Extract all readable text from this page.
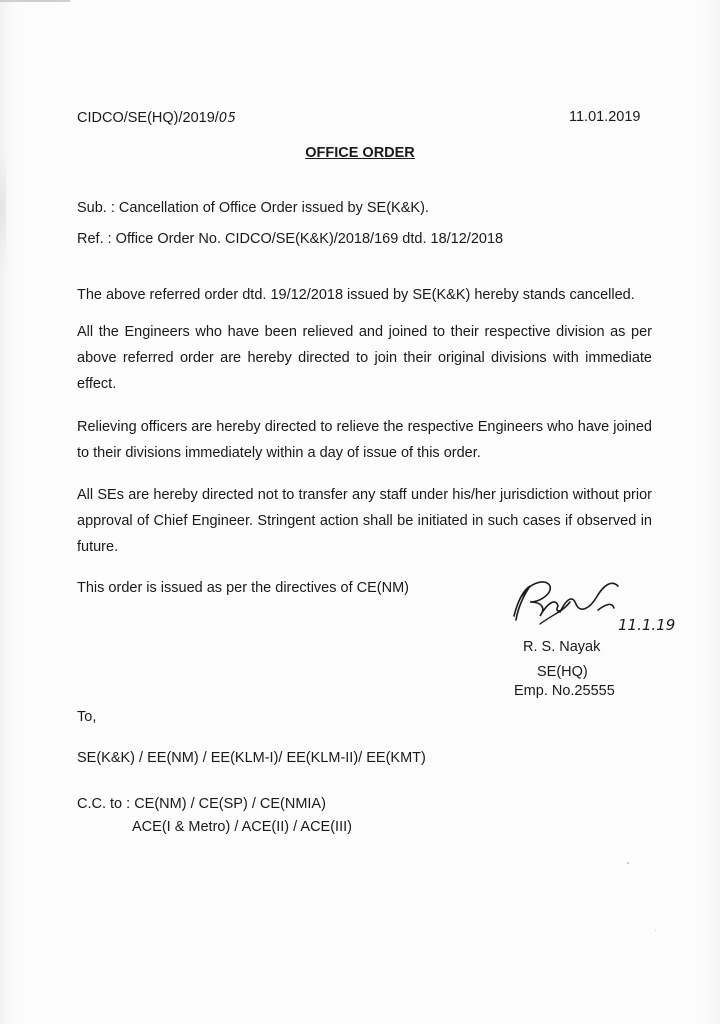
CIDCO/SE(HQ)/2019/05	11.01.2019
OFFICE ORDER
Sub. : Cancellation of Office Order issued by SE(K&K).
Ref. : Office Order No. CIDCO/SE(K&K)/2018/169 dtd. 18/12/2018
The above referred order dtd. 19/12/2018 issued by SE(K&K) hereby stands cancelled.
All the Engineers who have been relieved and joined to their respective division as per above referred order are hereby directed to join their original divisions with immediate effect.
Relieving officers are hereby directed to relieve the respective Engineers who have joined to their divisions immediately within a day of issue of this order.
All SEs are hereby directed not to transfer any staff under his/her jurisdiction without prior approval of Chief Engineer. Stringent action shall be initiated in such cases if observed in future.
This order is issued as per the directives of CE(NM)
11.1.19
R. S. Nayak
SE(HQ)
Emp. No.25555
To,
SE(K&K) / EE(NM) / EE(KLM-I)/ EE(KLM-II)/ EE(KMT)
C.C. to : CE(NM) / CE(SP) / CE(NMIA)
ACE(I & Metro) / ACE(II) / ACE(III)
